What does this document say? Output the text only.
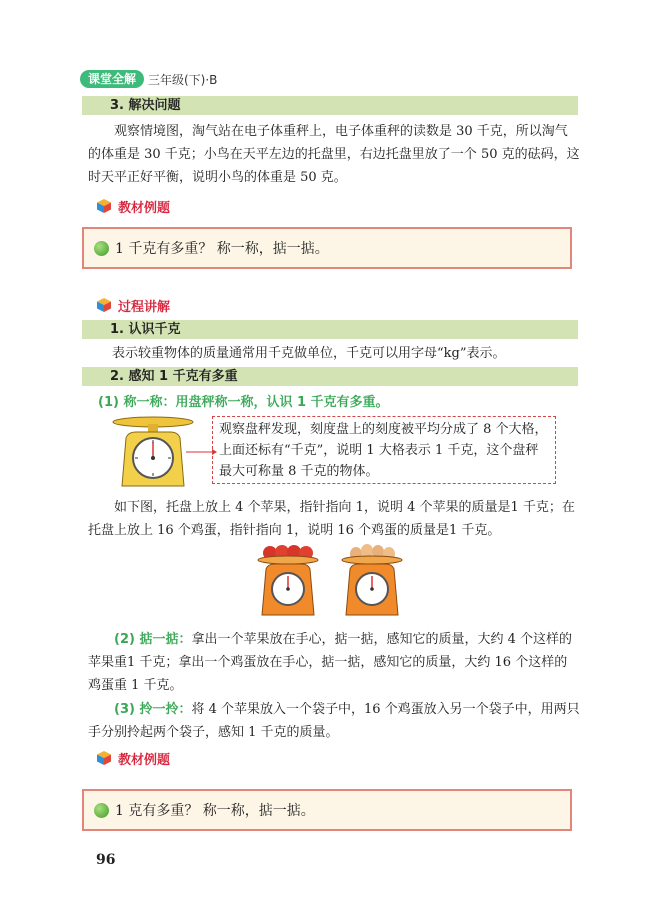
课堂全解	三年级(下)·B
3. 解决问题

观察情境图，淘气站在电子体重秤上，电子体重秤的读数是 30 千克，所以淘气的体重是 30 千克；小鸟在天平左边的托盘里，右边托盘里放了一个 50 克的砝码，这时天平正好平衡，说明小鸟的体重是 50 克。

教材例题
1 千克有多重？ 称一称，掂一掂。
过程讲解
1. 认识千克

表示较重物体的质量通常用千克做单位，千克可以用字母“kg”表示。

2. 感知 1 千克有多重
(1) 称一称：用盘秤称一称，认识 1 千克有多重。
观察盘秤发现，刻度盘上的刻度被平均分成了 8 个大格，上面还标有“千克”，说明 1 大格表示 1 千克，这个盘秤最大可称量 8 千克的物体。

如下图，托盘上放上 4 个苹果，指针指向 1，说明 4 个苹果的质量是1 千克；在托盘上放上 16 个鸡蛋，指针指向 1，说明 16 个鸡蛋的质量是1 千克。

(2) 掂一掂：拿出一个苹果放在手心，掂一掂，感知它的质量，大约 4 个这样的苹果重1 千克；拿出一个鸡蛋放在手心，掂一掂，感知它的质量，大约 16 个这样的鸡蛋重 1 千克。

(3) 拎一拎：将 4 个苹果放入一个袋子中，16 个鸡蛋放入另一个袋子中，用两只手分别拎起两个袋子，感知 1 千克的质量。

教材例题
1 克有多重？ 称一称，掂一掂。
96
